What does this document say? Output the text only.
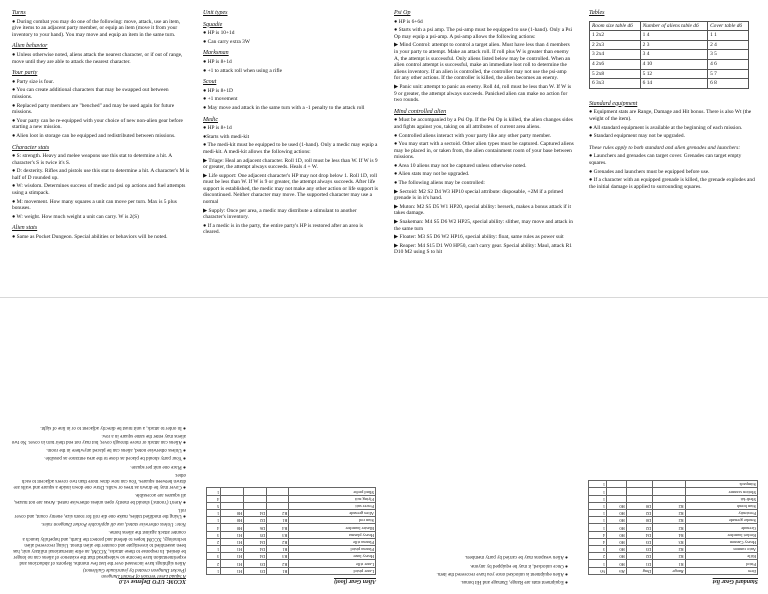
Turns

● During combat you may do one of the following: move, attack, use an item, give items to an adjacent party member, or equip an item (move it from your inventory to your hand). You may move and equip an item in the same turn.

Alien behavior

● Unless otherwise noted, aliens attack the nearest character, or if out of range, move until they are able to attack the nearest character.

Your party

● Party size is four.

● You can create additional characters that may be swapped out between missions.

● Replaced party members are "benched" and may be used again for future missions.

● Your party can be re-equipped with your choice of new non-alien gear before starting a new mission.

● Alien loot in storage can be equipped and redistributed between missions.

Character stats

● S: strength. Heavy and melee weapons use this stat to determine a hit. A character's S is twice it's S.

● D: dexterity. Rifles and pistols use this stat to determine a hit. A character's M is half of D rounded up.

● W: wisdom. Determines success of medic and psi op actions and fuel attempts using a stimpack.

● M: movement. How many squares a unit can move per turn. Max is 5 plus bonuses.

● W: weight. How much weight a unit can carry. W is 2(S)

Alien stats

● Same as Pocket Dungeon. Special abilities or behaviors will be noted.

Unit types
Squadie

● HP is 10+1d

● Can carry extra 3W

Marksman

● HP is 8+1d

● +1 to attack roll when using a rifle

Scout

● HP is 8+1D

● +1 movement

● May move and attack in the same turn with a -1 penalty to the attack roll

Medic

● HP is 8+1d

●Starts with medi-kit

● The medi-kit must be equipped to be used (1-hand). Only a medic may equip a medi-kit. A medi-kit allows the following actions:

▶ Triage: Heal an adjacent character. Roll 1D, roll must be less than W. If W is 9 or greater, the attempt always succeeds. Heals 4 + W.

▶ Life support: One adjacent character's HP may not drop below 1. Roll 1D, roll must be less than W. If W is 9 or greater, the attempt always succeeds. After life support is established, the medic may not make any other action or life support is discontinued. Neither character may move. The supported character may use a normal

▶ Supply: Once per area, a medic may distribute a stimulant to another character's inventory.

● If a medic is in the party, the entire party's HP is restored after an area is cleared.

Psi Op

● HP is 6+6d

● Starts with a psi amp. The psi-amp must be equipped to use (1-hand). Only a Psi Op may equip a psi-amp. A psi-amp allows the following actions:

▶ Mind Control: attempt to control a target alien. Must have less than 4 members in your party to attempt. Make an attack roll. If roll plus W is greater than enemy A, the attempt is successful. Only aliens listed below may be controlled. When an alien control attempt is successful, make an immediate loot roll to determine the aliens inventory. If an alien is controlled, the controller may not use the psi-amp for any other actions. If the controller is killed, the alien becomes an enemy.

▶ Panic unit: attempt to panic an enemy. Roll 4d, roll must be less than W. If W is 9 or greater, the attempt always succeeds. Panicked alien can make no action for two rounds.

Mind controlled alien

● Must be accompanied by a Psi Op. If the Psi Op is killed, the alien changes sides and fights against you, taking on all attributes of current area aliens.

● Controlled aliens interact with your party like any other party member.

● You may start with a sectoid. Other alien types must be captured. Captured aliens may be placed in, or taken from, the alien containment room of your base between missions.

● Area 10 aliens may not be captured unless otherwise noted.

● Alien stats may not be upgraded.

● The following aliens may be controlled:

▶ Sectoid: M2 S2 D4 W3 HP10 special attribute: disposable, +2M if a primed grenade is in it's hand.

▶ Muton: M2 S5 D5 W1 HP20, special ability: berserk, makes a bonus attack if it takes damage.

▶ Snakeman: M4 S5 D6 W2 HP25, special ability: slither, may move and attack in the same turn

▶ Floater: M3 S5 D6 W2 HP16, special ability: float, same rules as power suit

▶ Reaper: M4 S15 D1 W0 HP50, can't carry gear. Special ability: Maul, attack R1 D10 M2 using S to hit

Tables
Room size table d6	Number of aliens table d6	Cover table d6
1 2x2	1 4	1 1
2 2x3	2 3	2 4
3 2x4	3 4	3 5
4 2x6	4 10	4 6
5 2x8	5 12	5 7
6 3x3	6 14	6 8
Standard equipment

● Equipment stats are Range, Damage and Hit bonus. There is also Wt (the weight of the item).

● All standard equipment is available at the beginning of each mission.

● Standard equipment may not be upgraded.

These rules apply to both standard and alien grenades and launchers:

● Launchers and grenades can target cover. Grenades can target empty squares.

● Grenades and launchers must be equipped before use.

● If a character with an equipped grenade is killed, the grenade explodes and the initial damage is applied to surrounding squares.

Standard Gear list
Item	Range	Dmg	Hit	Wt
Pistol	R1	D1	H0	1
Rifle	R2	D2	H0	2
Auto cannon	R2	D3	H0	3
Heavy Cannon	R3	D3	H0	4
Rocket launcher	R4	D4	H0	4
Grenade	R2	D2	H0	1
Smoke grenade	R2	D0	H0	1
Proximity	R2	D2	H0	1
Stun bomb	R2	D0	H0	1
Medi-kit				1
Motion scanner				1
Stimpack				1

● Equipment stats are Range, Damage and Hit bonus.

● Alien equipment is unlocked once you have recovered the item.

● Once unlocked, it may be equipped by anyone.

● Alien weapons may be carried by party members.

Alien Gear (loot)
Laser pistol	R1	D3	H1	1
Laser rifle	R2	D3	H1	2
Heavy laser	R3	D4	H1	3
Plasma pistol	R1	D4	H1	1
Plasma rifle	R2	D4	H1	2
Heavy plasma	R3	D5	H1	3
Blaster launcher	R4	D6	H0	4
Stun rod	R1	D2	H0	1
Alien grenade	R2	D4	H0	1
Power suit				5
Flying suit				4
Mind probe				1
XCOM: UFO Defense v1.0
A Squad Level Version of Pocket Dungeon
(Pocket Dungeon created by jeanclaude Guillemot)

Alien sightings have increased over the last few months. Reports of abductions and experimentation have become so widespread that the existence of aliens can no longer be denied. In response to these attacks, XCOM, an elite international military unit, has been assembled to investigate and counter the alien threat. Using recovered alien technology, XCOM hopes to defend and protect the Earth, and hopefully launch a counter attack against the aliens home.

Note: Unless otherwise stated, use all applicable Pocket Dungeon rules.

● Using the modified tables, make one die roll for room size, enemy count, and cover roll.

● Aren't ('rooms') should be mostly open unless otherwise noted. Areas are not mazes, all squares are accessible.

● Cover may be drawn as trees or walls. Draw one down inside a square and walls are drawn between squares. You can now draw more than two covers adjacent to each other.

● Place one unit per square.

● Your party should be placed as close to the area entrance as possible.

● Unless otherwise noted, aliens can be placed anywhere in the room.

● Aliens can attack or move through cover, but may not end their turn in cover. No two aliens may enter the same square in a row.

● In order to attack, a unit must be directly adjacent to or in line of sight.
